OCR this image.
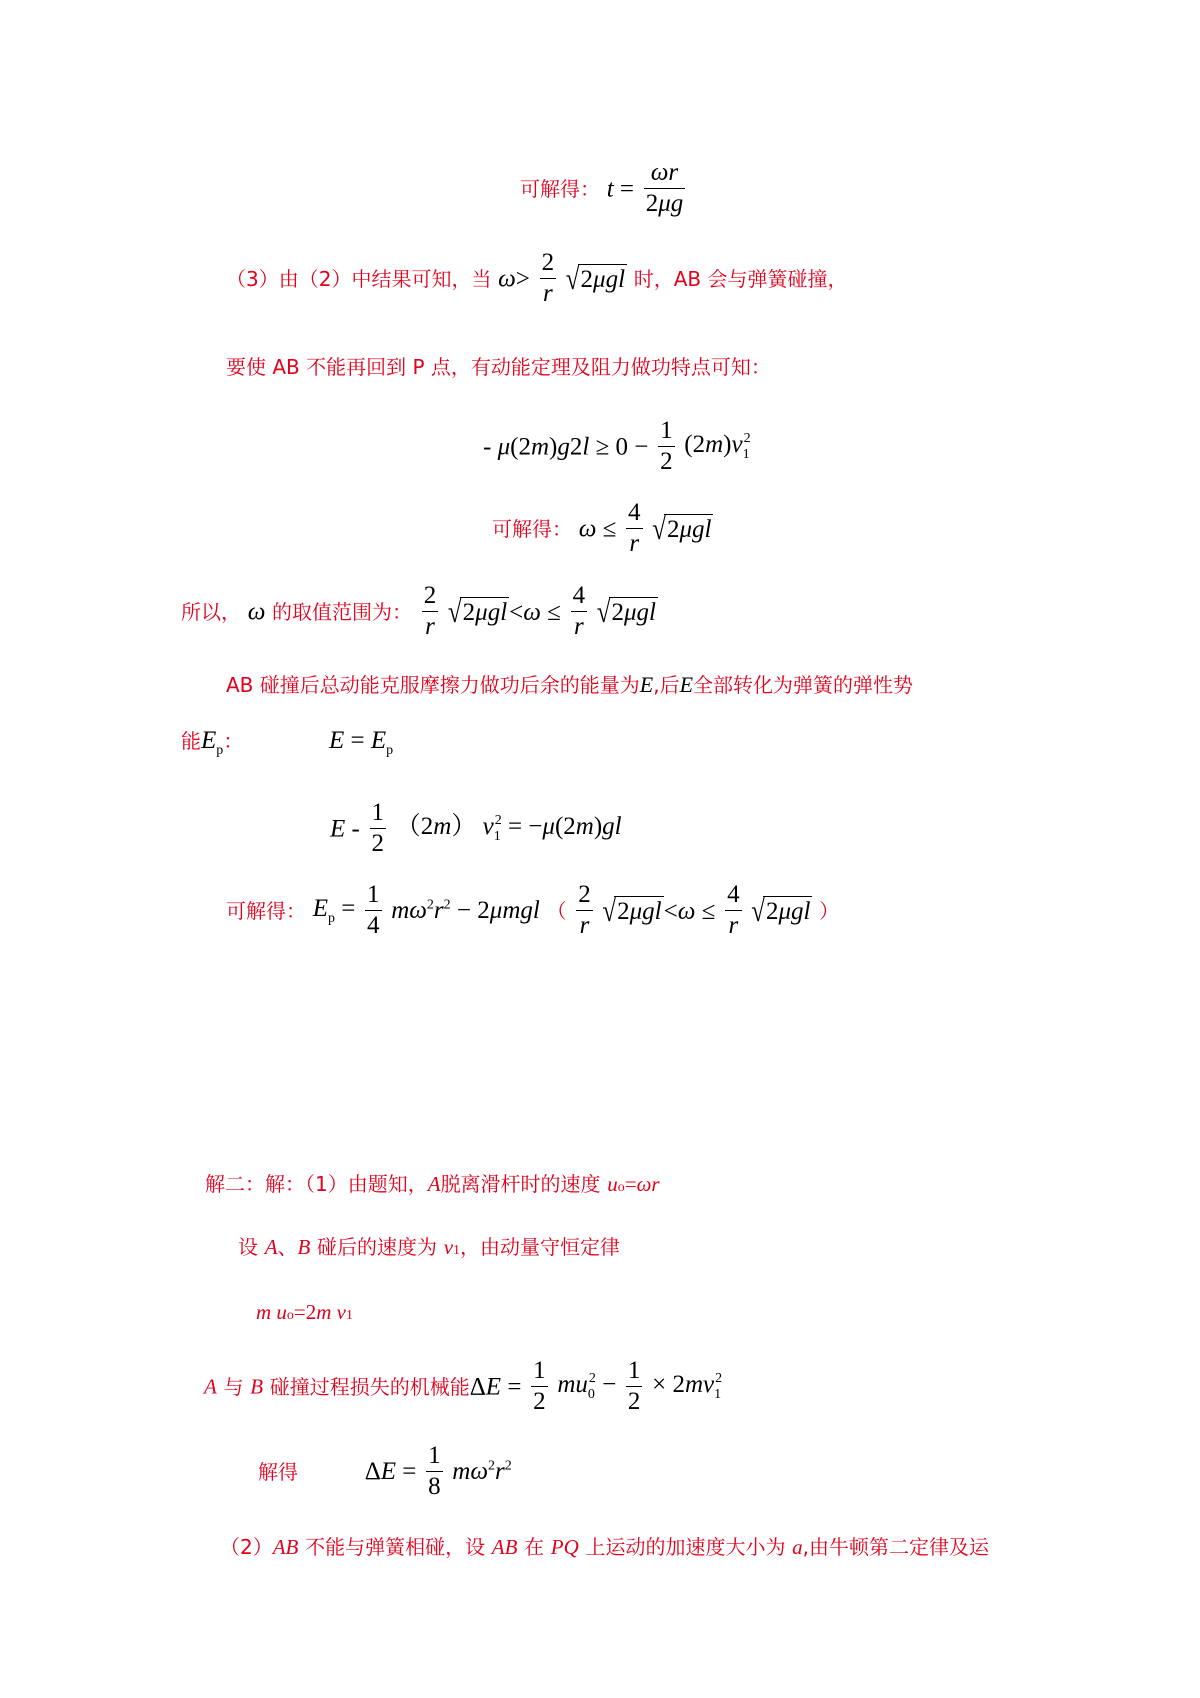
可解得： $t = \frac{\omega r}{2\mu g}$
（3）由（2）中结果可知，当 $\omega> \frac{2}{r} √2\mu gl$ 时，AB 会与弹簧碰撞，
要使 AB 不能再回到 P 点，有动能定理及阻力做功特点可知：
- $\mu(2m)g2l \ge 0 - \frac{1}{2} (2m)v_1^2$
可解得： $\omega \le \frac{4}{r} √2\mu gl$
所以， ω 的取值范围为： $\frac{2}{r} √2\mu gl<\omega \le \frac{4}{r} √2\mu gl$
AB 碰撞后总动能克服摩擦力做功后余的能量为E,后E全部转化为弹簧的弹性势
能$E_p$：	$E = E_p$
$E - \frac{1}{2} (2m) v_1^2 = -\mu(2m)gl$
可解得： $E_p = \frac{1}{4} m\omega^2r^2 - 2\mu mgl$ （ $\frac{2}{r} √2\mu gl<\omega \le \frac{4}{r} √2\mu gl$ ）
解二：解：（1）由题知，A脱离滑杆时的速度 uo=ωr
设 A、B 碰后的速度为 v1，由动量守恒定律
m uo=2m v1
A 与 B 碰撞过程损失的机械能$\Delta E = \frac{1}{2} mu_0^2 - \frac{1}{2} \times 2mv_1^2$
解得	$\Delta E = \frac{1}{8} m\omega^2r^2$
（2）AB 不能与弹簧相碰，设 AB 在 PQ 上运动的加速度大小为 a,由牛顿第二定律及运
